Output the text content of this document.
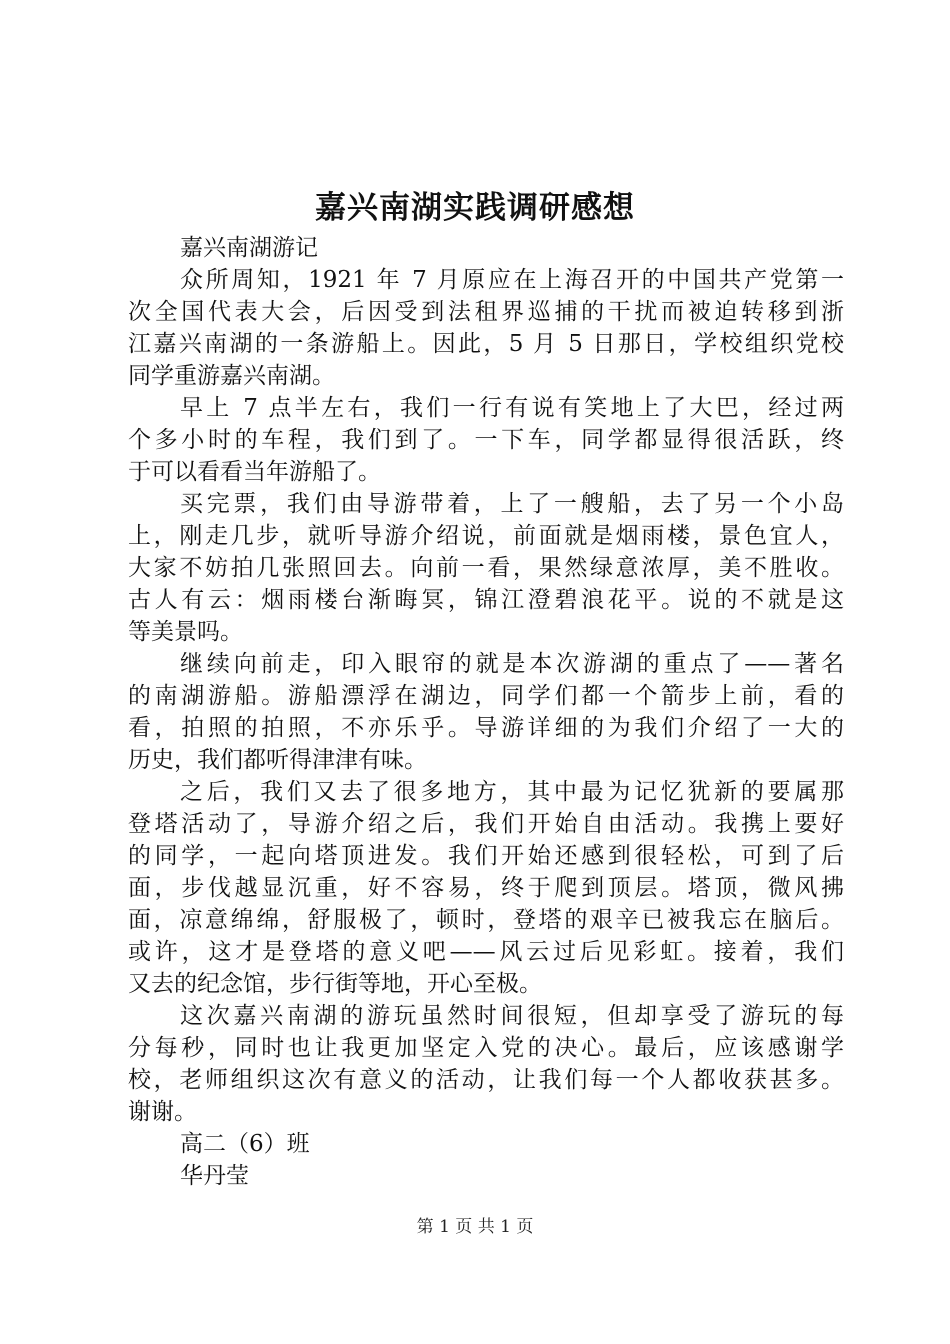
嘉兴南湖实践调研感想

嘉兴南湖游记

众所周知，1921 年 7 月原应在上海召开的中国共产党第一

次全国代表大会，后因受到法租界巡捕的干扰而被迫转移到浙

江嘉兴南湖的一条游船上。因此，5 月 5 日那日，学校组织党校

同学重游嘉兴南湖。

早上 7 点半左右，我们一行有说有笑地上了大巴，经过两

个多小时的车程，我们到了。一下车，同学都显得很活跃，终

于可以看看当年游船了。

买完票，我们由导游带着，上了一艘船，去了另一个小岛

上，刚走几步，就听导游介绍说，前面就是烟雨楼，景色宜人，

大家不妨拍几张照回去。向前一看，果然绿意浓厚，美不胜收。

古人有云：烟雨楼台渐晦冥，锦江澄碧浪花平。说的不就是这

等美景吗。

继续向前走，印入眼帘的就是本次游湖的重点了——著名

的南湖游船。游船漂浮在湖边，同学们都一个箭步上前，看的

看，拍照的拍照，不亦乐乎。导游详细的为我们介绍了一大的

历史，我们都听得津津有味。

之后，我们又去了很多地方，其中最为记忆犹新的要属那

登塔活动了，导游介绍之后，我们开始自由活动。我携上要好

的同学，一起向塔顶进发。我们开始还感到很轻松，可到了后

面，步伐越显沉重，好不容易，终于爬到顶层。塔顶，微风拂

面，凉意绵绵，舒服极了，顿时，登塔的艰辛已被我忘在脑后。

或许，这才是登塔的意义吧——风云过后见彩虹。接着，我们

又去的纪念馆，步行街等地，开心至极。

这次嘉兴南湖的游玩虽然时间很短，但却享受了游玩的每

分每秒，同时也让我更加坚定入党的决心。最后，应该感谢学

校，老师组织这次有意义的活动，让我们每一个人都收获甚多。

谢谢。

高二（6）班

华丹莹

第 1 页 共 1 页
